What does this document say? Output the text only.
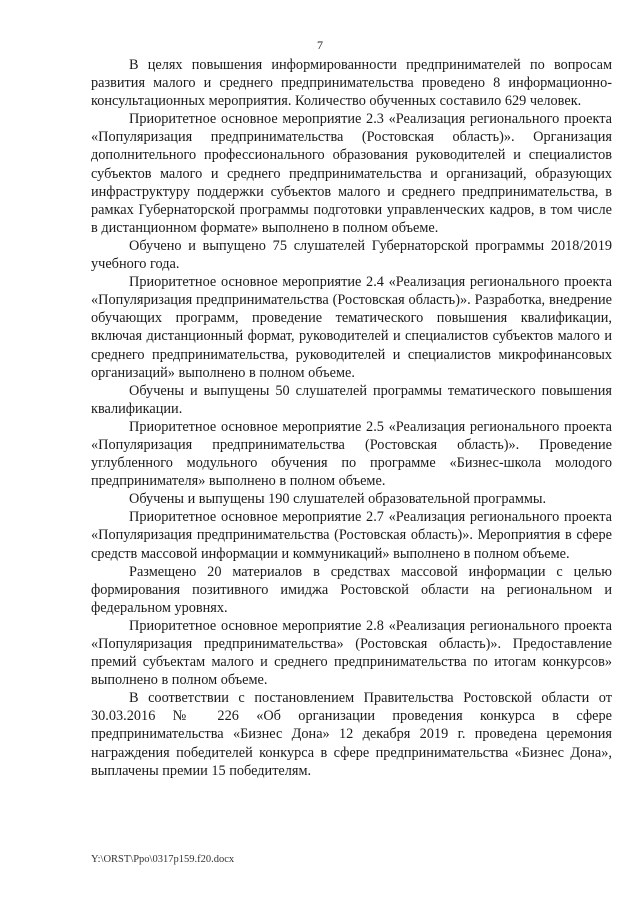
7

В целях повышения информированности предпринимателей по вопросам развития малого и среднего предпринимательства проведено 8 информационно-консультационных мероприятия. Количество обученных составило 629 человек.

Приоритетное основное мероприятие 2.3 «Реализация регионального проекта «Популяризация предпринимательства (Ростовская область)». Организация дополнительного профессионального образования руководителей и специалистов субъектов малого и среднего предпринимательства и организаций, образующих инфраструктуру поддержки субъектов малого и среднего предпринимательства, в рамках Губернаторской программы подготовки управленческих кадров, в том числе в дистанционном формате» выполнено в полном объеме.

Обучено и выпущено 75 слушателей Губернаторской программы 2018/2019 учебного года.

Приоритетное основное мероприятие 2.4 «Реализация регионального проекта «Популяризация предпринимательства (Ростовская область)». Разработка, внедрение обучающих программ, проведение тематического повышения квалификации, включая дистанционный формат, руководителей и специалистов субъектов малого и среднего предпринимательства, руководителей и специалистов микрофинансовых организаций» выполнено в полном объеме.

Обучены и выпущены 50 слушателей программы тематического повышения квалификации.

Приоритетное основное мероприятие 2.5 «Реализация регионального проекта «Популяризация предпринимательства (Ростовская область)». Проведение углубленного модульного обучения по программе «Бизнес-школа молодого предпринимателя» выполнено в полном объеме.

Обучены и выпущены 190 слушателей образовательной программы.

Приоритетное основное мероприятие 2.7 «Реализация регионального проекта «Популяризация предпринимательства (Ростовская область)». Мероприятия в сфере средств массовой информации и коммуникаций» выполнено в полном объеме.

Размещено 20 материалов в средствах массовой информации с целью формирования позитивного имиджа Ростовской области на региональном и федеральном уровнях.

Приоритетное основное мероприятие 2.8 «Реализация регионального проекта «Популяризация предпринимательства» (Ростовская область)». Предоставление премий субъектам малого и среднего предпринимательства по итогам конкурсов» выполнено в полном объеме.

В соответствии с постановлением Правительства Ростовской области от 30.03.2016 № 226 «Об организации проведения конкурса в сфере предпринимательства «Бизнес Дона» 12 декабря 2019 г. проведена церемония награждения победителей конкурса в сфере предпринимательства «Бизнес Дона», выплачены премии 15 победителям.

Y:\ORST\Ppo\0317p159.f20.docx
